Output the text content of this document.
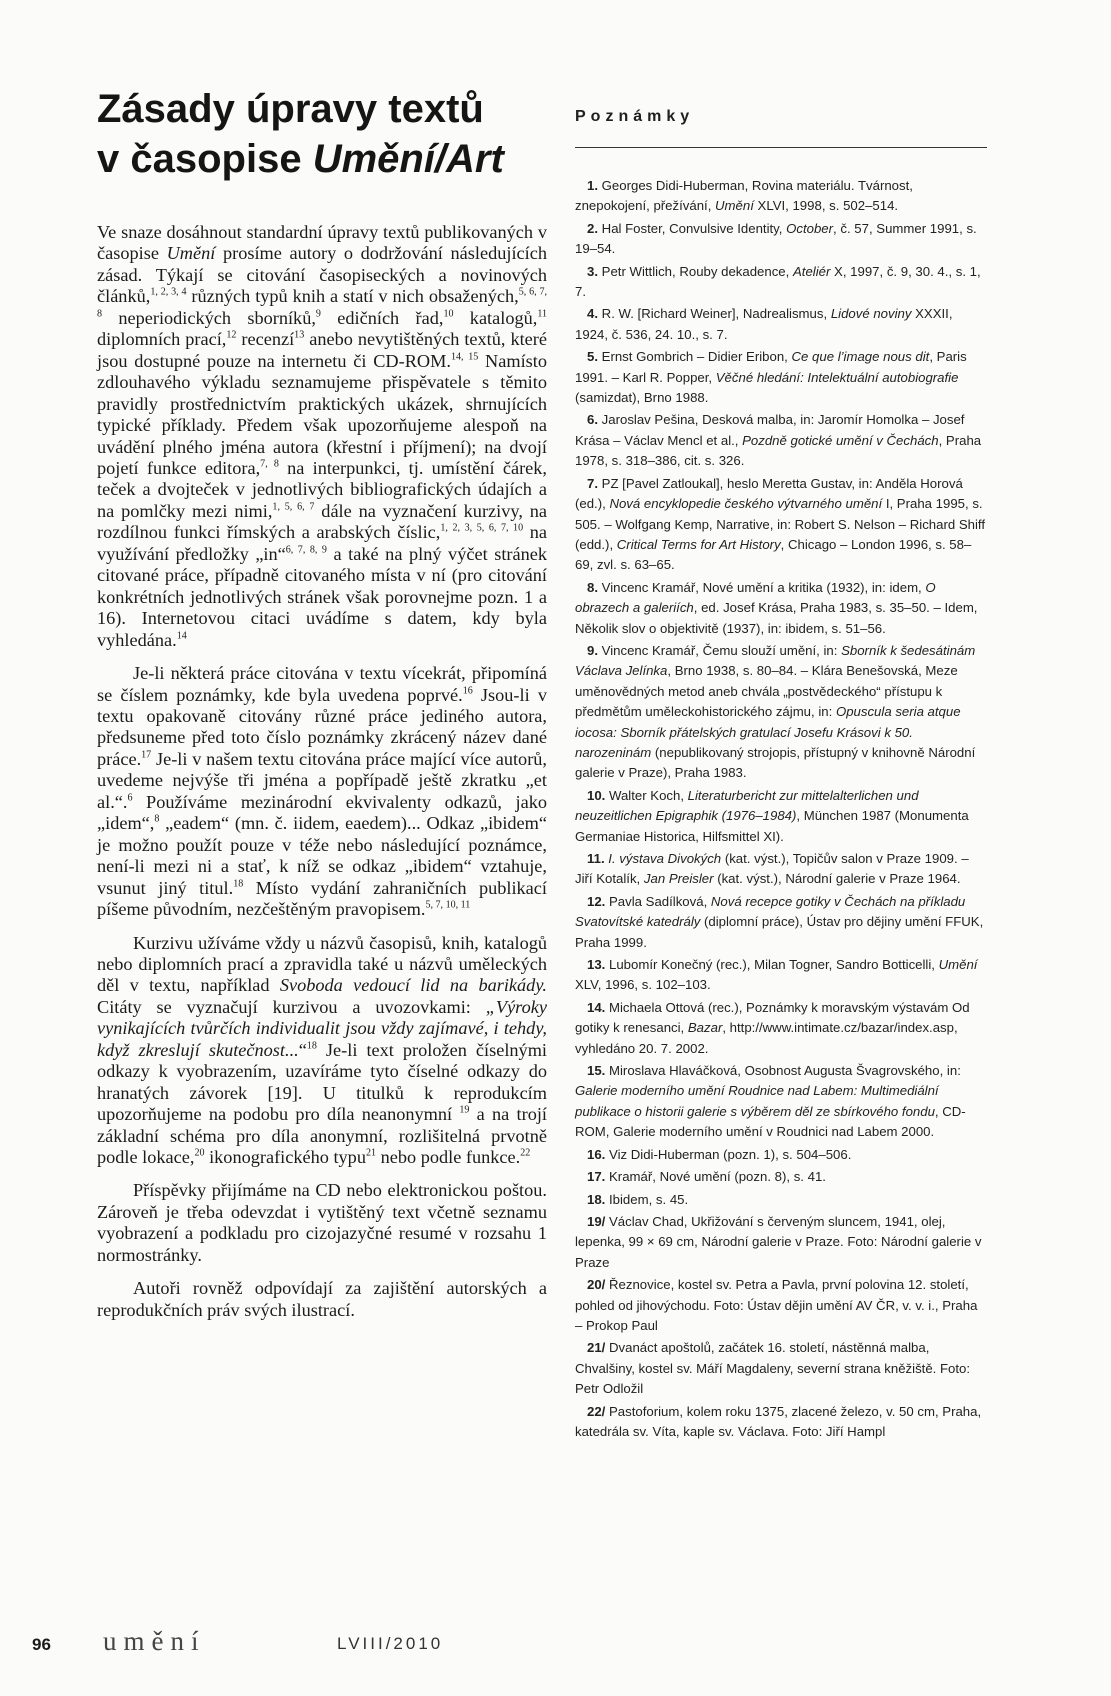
Zásady úpravy textů
v časopise Umění/Art

Ve snaze dosáhnout standardní úpravy textů publikovaných v časopise Umění prosíme autory o dodržování následujících zásad. Týkají se citování časopiseckých a novinových článků,$^{1, 2, 3, 4}$ různých typů knih a statí v nich obsažených,$^{5, 6, 7, 8}$ neperiodických sborníků,$^9$ edičních řad,$^{10}$ katalogů,$^{11}$ diplomních prací,$^{12}$ recenzí$^{13}$ anebo nevytištěných textů, které jsou dostupné pouze na internetu či CD-ROM.$^{14, 15}$ Namísto zdlouhavého výkladu seznamujeme přispěvatele s těmito pravidly prostřednictvím praktických ukázek, shrnujících typické příklady. Předem však upozorňujeme alespoň na uvádění plného jména autora (křestní i příjmení); na dvojí pojetí funkce editora,$^{7, 8}$ na interpunkci, tj. umístění čárek, teček a dvojteček v jednotlivých bibliografických údajích a na pomlčky mezi nimi,$^{1, 5, 6, 7}$ dále na vyznačení kurzivy, na rozdílnou funkci římských a arabských číslic,$^{1, 2, 3, 5, 6, 7, 10}$ na využívání předložky „in“$^{6, 7, 8, 9}$ a také na plný výčet stránek citované práce, případně citovaného místa v ní (pro citování konkrétních jednotlivých stránek však porovnejme pozn. 1 a 16). Internetovou citaci uvádíme s datem, kdy byla vyhledána.$^{14}$

Je-li některá práce citována v textu vícekrát, připomíná se číslem poznámky, kde byla uvedena poprvé.$^{16}$ Jsou-li v textu opakovaně citovány různé práce jediného autora, předsuneme před toto číslo poznámky zkrácený název dané práce.$^{17}$ Je-li v našem textu citována práce mající více autorů, uvedeme nejvýše tři jména a popřípadě ještě zkratku „et al.“.$^6$ Používáme mezinárodní ekvivalenty odkazů, jako „idem“,$^8$ „eadem“ (mn. č. iidem, eaedem)... Odkaz „ibidem“ je možno použít pouze v téže nebo následující poznámce, není-li mezi ni a stať, k níž se odkaz „ibidem“ vztahuje, vsunut jiný titul.$^{18}$ Místo vydání zahraničních publikací píšeme původním, nezčeštěným pravopisem.$^{5, 7, 10, 11}$

Kurzivu užíváme vždy u názvů časopisů, knih, katalogů nebo diplomních prací a zpravidla také u názvů uměleckých děl v textu, například Svoboda vedoucí lid na barikády. Citáty se vyznačují kurzivou a uvozovkami: „Výroky vynikajících tvůrčích individualit jsou vždy zajímavé, i tehdy, když zkreslují skutečnost...“$^{18}$ Je-li text proložen číselnými odkazy k vyobrazením, uzavíráme tyto číselné odkazy do hranatých závorek [19]. U titulků k reprodukcím upozorňujeme na podobu pro díla neanonymní $^{19}$ a na trojí základní schéma pro díla anonymní, rozlišitelná prvotně podle lokace,$^{20}$ ikonografického typu$^{21}$ nebo podle funkce.$^{22}$

Příspěvky přijímáme na CD nebo elektronickou poštou. Zároveň je třeba odevzdat i vytištěný text včetně seznamu vyobrazení a podkladu pro cizojazyčné resumé v rozsahu 1 normostránky.

Autoři rovněž odpovídají za zajištění autorských a reprodukčních práv svých ilustrací.

Poznámky
1. Georges Didi-Huberman, Rovina materiálu. Tvárnost, znepokojení, přežívání, Umění XLVI, 1998, s. 502–514.
2. Hal Foster, Convulsive Identity, October, č. 57, Summer 1991, s. 19–54.
3. Petr Wittlich, Rouby dekadence, Ateliér X, 1997, č. 9, 30. 4., s. 1, 7.
4. R. W. [Richard Weiner], Nadrealismus, Lidové noviny XXXII, 1924, č. 536, 24. 10., s. 7.
5. Ernst Gombrich – Didier Eribon, Ce que l’image nous dit, Paris 1991. – Karl R. Popper, Věčné hledání: Intelektuální autobiografie (samizdat), Brno 1988.
6. Jaroslav Pešina, Desková malba, in: Jaromír Homolka – Josef Krása – Václav Mencl et al., Pozdně gotické umění v Čechách, Praha 1978, s. 318–386, cit. s. 326.
7. PZ [Pavel Zatloukal], heslo Meretta Gustav, in: Anděla Horová (ed.), Nová encyklopedie českého výtvarného umění I, Praha 1995, s. 505. – Wolfgang Kemp, Narrative, in: Robert S. Nelson – Richard Shiff (edd.), Critical Terms for Art History, Chicago – London 1996, s. 58–69, zvl. s. 63–65.
8. Vincenc Kramář, Nové umění a kritika (1932), in: idem, O obrazech a galeriích, ed. Josef Krása, Praha 1983, s. 35–50. – Idem, Několik slov o objektivitě (1937), in: ibidem, s. 51–56.
9. Vincenc Kramář, Čemu slouží umění, in: Sborník k šedesátinám Václava Jelínka, Brno 1938, s. 80–84. – Klára Benešovská, Meze uměnovědných metod aneb chvála „postvědeckého“ přístupu k předmětům uměleckohistorického zájmu, in: Opuscula seria atque iocosa: Sborník přátelských gratulací Josefu Krásovi k 50. narozeninám (nepublikovaný strojopis, přístupný v knihovně Národní galerie v Praze), Praha 1983.
10. Walter Koch, Literaturbericht zur mittelalterlichen und neuzeitlichen Epigraphik (1976–1984), München 1987 (Monumenta Germaniae Historica, Hilfsmittel XI).
11. I. výstava Divokých (kat. výst.), Topičův salon v Praze 1909. – Jiří Kotalík, Jan Preisler (kat. výst.), Národní galerie v Praze 1964.
12. Pavla Sadílková, Nová recepce gotiky v Čechách na příkladu Svatovítské katedrály (diplomní práce), Ústav pro dějiny umění FFUK, Praha 1999.
13. Lubomír Konečný (rec.), Milan Togner, Sandro Botticelli, Umění XLV, 1996, s. 102–103.
14. Michaela Ottová (rec.), Poznámky k moravským výstavám Od gotiky k renesanci, Bazar, http://www.intimate.cz/bazar/index.asp, vyhledáno 20. 7. 2002.
15. Miroslava Hlaváčková, Osobnost Augusta Švagrovského, in: Galerie moderního umění Roudnice nad Labem: Multimediální publikace o historii galerie s výběrem děl ze sbírkového fondu, CD-ROM, Galerie moderního umění v Roudnici nad Labem 2000.
16. Viz Didi-Huberman (pozn. 1), s. 504–506.
17. Kramář, Nové umění (pozn. 8), s. 41.
18. Ibidem, s. 45.
19/ Václav Chad, Ukřižování s červeným sluncem, 1941, olej, lepenka, 99 × 69 cm, Národní galerie v Praze. Foto: Národní galerie v Praze
20/ Řeznovice, kostel sv. Petra a Pavla, první polovina 12. století, pohled od jihovýchodu. Foto: Ústav dějin umění AV ČR, v. v. i., Praha – Prokop Paul
21/ Dvanáct apoštolů, začátek 16. století, nástěnná malba, Chvalšiny, kostel sv. Máří Magdaleny, severní strana kněžiště. Foto: Petr Odložil
22/ Pastoforium, kolem roku 1375, zlacené železo, v. 50 cm, Praha, katedrála sv. Víta, kaple sv. Václava. Foto: Jiří Hampl
96 umění	LVIII/2010
